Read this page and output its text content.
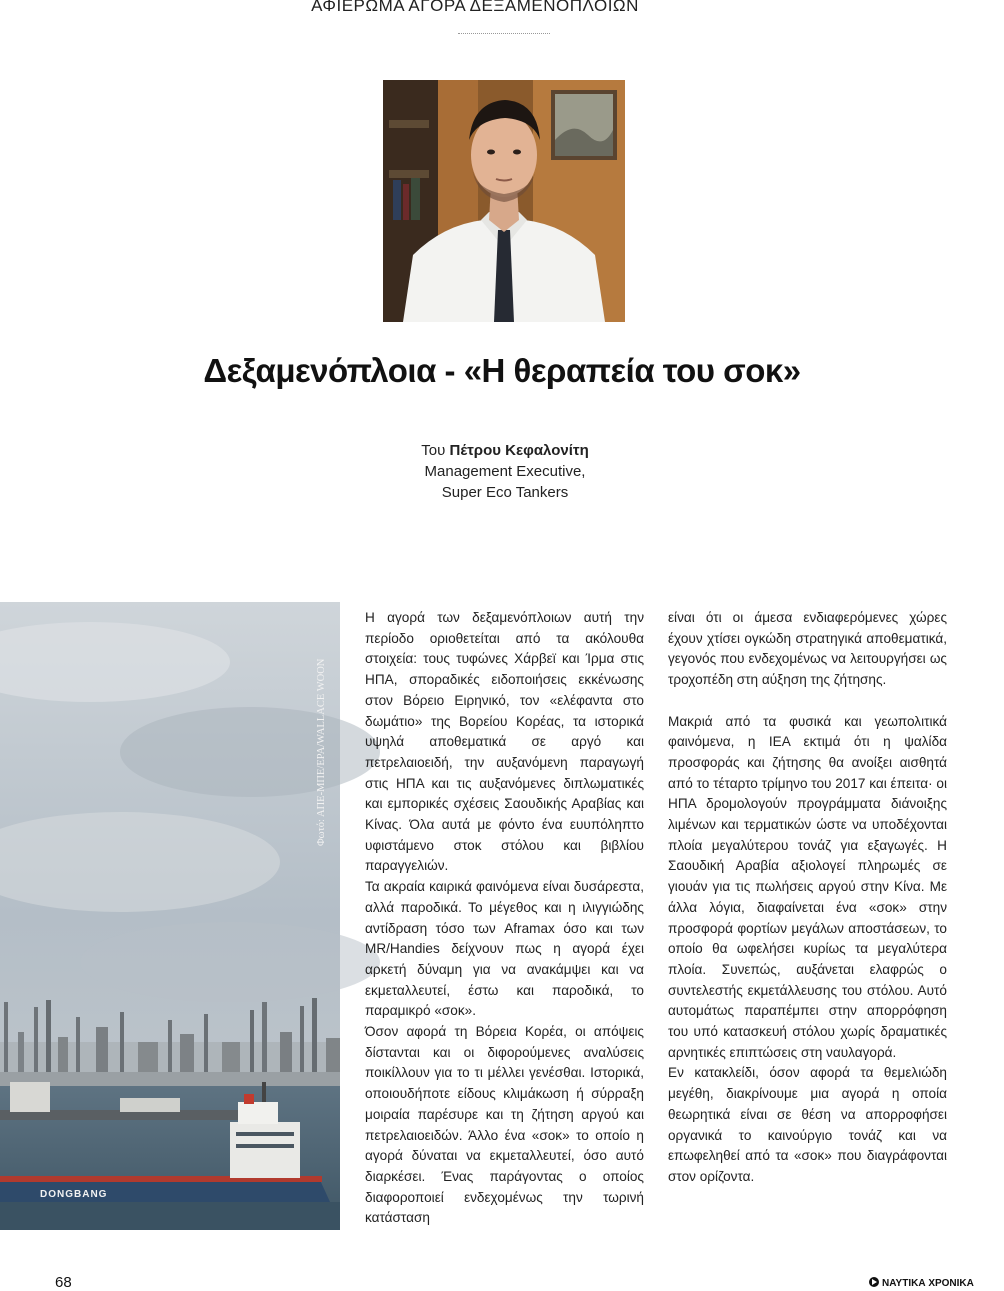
ΑΦΙΕΡΩΜΑ ΑΓΟΡΑ ΔΕΞΑΜΕΝΟΠΛΟΙΩΝ
Δεξαμενόπλοια - «Η θεραπεία του σοκ»
Του Πέτρου Κεφαλονίτη
Management Executive,
Super Eco Tankers
DONGBANG

Η αγορά των δεξαμενόπλοιων αυτή την περίοδο οριοθετείται από τα ακόλουθα στοιχεία: τους τυφώνες Χάρβεϊ και Ίρμα στις ΗΠΑ, σποραδικές ειδοποιήσεις εκκένωσης στον Βόρειο Ειρηνικό, τον «ελέφαντα στο δωμάτιο» της Βορείου Κορέας, τα ιστορικά υψηλά αποθεματικά σε αργό και πετρελαιοειδή, την αυξανόμενη παραγωγή στις ΗΠΑ και τις αυξανόμενες διπλωματικές και εμπορικές σχέσεις Σαουδικής Αραβίας και Κίνας. Όλα αυτά με φόντο ένα ευυπόληπτο υφιστάμενο στοκ στόλου και βιβλίου παραγγελιών.

Τα ακραία καιρικά φαινόμενα είναι δυσάρεστα, αλλά παροδικά. Το μέγεθος και η ιλιγγιώδης αντίδραση τόσο των Aframax όσο και των MR/Handies δείχνουν πως η αγορά έχει αρκετή δύναμη για να ανακάμψει και να εκμεταλλευτεί, έστω και παροδικά, το παραμικρό «σοκ».

Όσον αφορά τη Βόρεια Κορέα, οι απόψεις δίστανται και οι διφορούμενες αναλύσεις ποικίλλουν για το τι μέλλει γενέσθαι. Ιστορικά, οποιουδήποτε είδους κλιμάκωση ή σύρραξη μοιραία παρέσυρε και τη ζήτηση αργού και πετρελαιοειδών. Άλλο ένα «σοκ» το οποίο η αγορά δύναται να εκμεταλλευτεί, όσο αυτό διαρκέσει. Ένας παράγοντας ο οποίος διαφοροποιεί ενδεχομένως την τωρινή κατάσταση

είναι ότι οι άμεσα ενδιαφερόμενες χώρες έχουν χτίσει ογκώδη στρατηγικά αποθεματικά, γεγονός που ενδεχομένως να λειτουργήσει ως τροχοπέδη στη αύξηση της ζήτησης.

Μακριά από τα φυσικά και γεωπολιτικά φαινόμενα, η IEA εκτιμά ότι η ψαλίδα προσφοράς και ζήτησης θα ανοίξει αισθητά από το τέταρτο τρίμηνο του 2017 και έπειτα· οι ΗΠΑ δρομολογούν προγράμματα διάνοιξης λιμένων και τερματικών ώστε να υποδέχονται πλοία μεγαλύτερου τονάζ για εξαγωγές. Η Σαουδική Αραβία αξιολογεί πληρωμές σε γιουάν για τις πωλήσεις αργού στην Κίνα. Με άλλα λόγια, διαφαίνεται ένα «σοκ» στην προσφορά φορτίων μεγάλων αποστάσεων, το οποίο θα ωφελήσει κυρίως τα μεγαλύτερα πλοία. Συνεπώς, αυξάνεται ελαφρώς ο συντελεστής εκμετάλλευσης του στόλου. Αυτό αυτομάτως παραπέμπει στην απορρόφηση του υπό κατασκευή στόλου χωρίς δραματικές αρνητικές επιπτώσεις στη ναυλαγορά.

Εν κατακλείδι, όσον αφορά τα θεμελιώδη μεγέθη, διακρίνουμε μια αγορά η οποία θεωρητικά είναι σε θέση να απορροφήσει οργανικά το καινούργιο τονάζ και να επωφεληθεί από τα «σοκ» που διαγράφονται στον ορίζοντα.

68	ΝΑΥΤΙΚΑ ΧΡΟΝΙΚΑ
